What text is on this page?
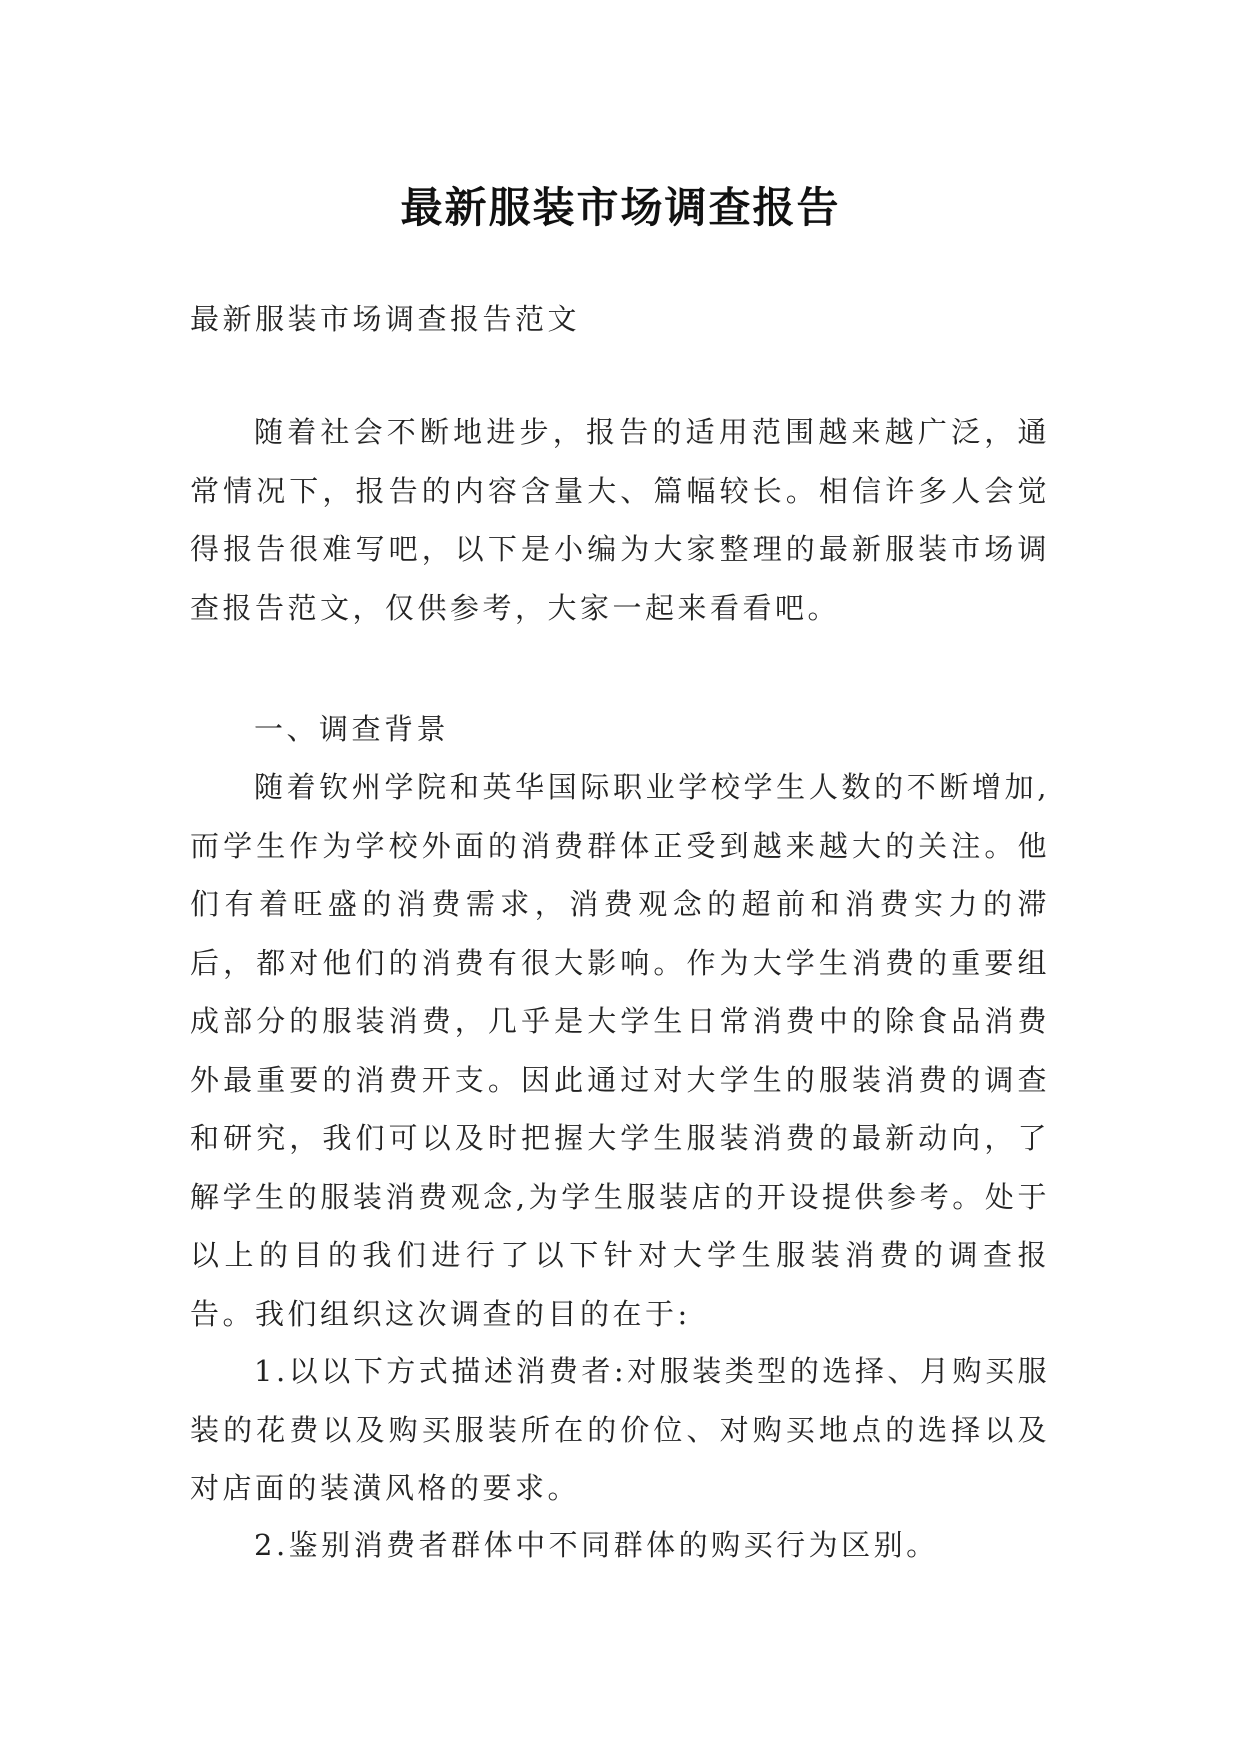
最新服装市场调查报告

最新服装市场调查报告范文

随着社会不断地进步，报告的适用范围越来越广泛，通常情况下，报告的内容含量大、篇幅较长。相信许多人会觉得报告很难写吧，以下是小编为大家整理的最新服装市场调查报告范文，仅供参考，大家一起来看看吧。

一、调查背景

随着钦州学院和英华国际职业学校学生人数的不断增加,而学生作为学校外面的消费群体正受到越来越大的关注。他们有着旺盛的消费需求，消费观念的超前和消费实力的滞后，都对他们的消费有很大影响。作为大学生消费的重要组成部分的服装消费，几乎是大学生日常消费中的除食品消费外最重要的消费开支。因此通过对大学生的服装消费的调查和研究，我们可以及时把握大学生服装消费的最新动向，了解学生的服装消费观念,为学生服装店的开设提供参考。处于以上的目的我们进行了以下针对大学生服装消费的调查报告。我们组织这次调查的目的在于:

1.以以下方式描述消费者:对服装类型的选择、月购买服装的花费以及购买服装所在的价位、对购买地点的选择以及对店面的装潢风格的要求。

2.鉴别消费者群体中不同群体的购买行为区别。
